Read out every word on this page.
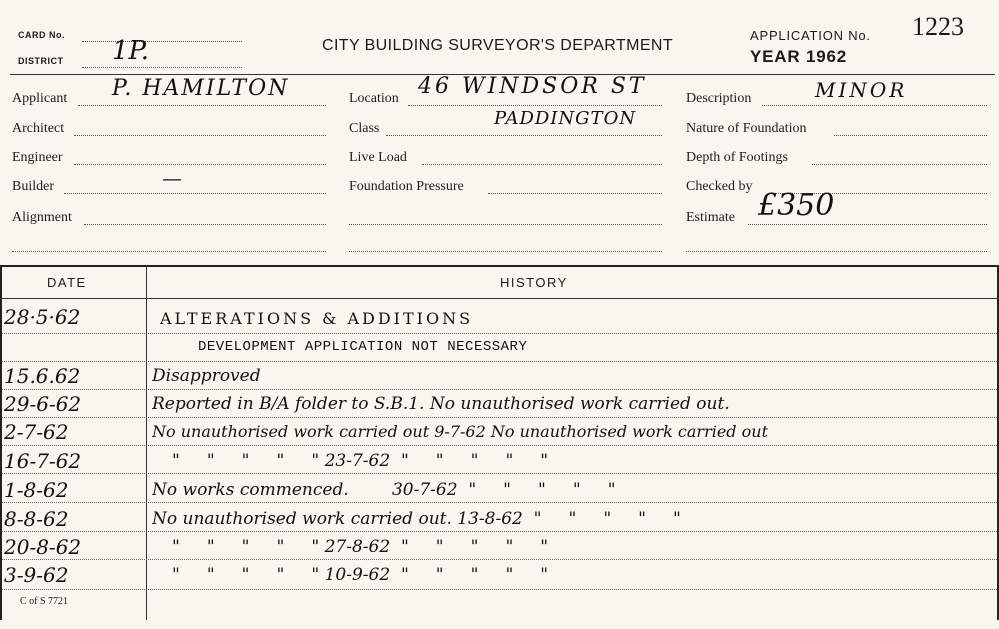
CARD No.
DISTRICT 1P.	CITY BUILDING SURVEYOR'S DEPARTMENT
APPLICATION No. 1223
YEAR 1962
Applicant P. HAMILTON
Architect
Engineer
Builder	—
Alignment
Location 46 WINDSOR ST
Class	PADDINGTON
Live Load
Foundation Pressure
Description	MINOR
Nature of Foundation
Depth of Footings
Checked by
Estimate £350
DATE	HISTORY
28·5·62	ALTERATIONS & ADDITIONS
DEVELOPMENT APPLICATION NOT NECESSARY
15.6.62	Disapproved
29-6-62	Reported in B/A folder to S.B.1. No unauthorised work carried out.
2-7-62	No unauthorised work carried out 9-7-62 No unauthorised work carried out
16-7-62	"     "     "     "     " 23-7-62  "     "     "     "     "
1-8-62	No works commenced.        30-7-62  "     "     "     "     "
8-8-62	No unauthorised work carried out. 13-8-62  "     "     "     "     "
20-8-62	"     "     "     "     " 27-8-62  "     "     "     "     "
3-9-62	"     "     "     "     " 10-9-62  "     "     "     "     "
C of S 7721
